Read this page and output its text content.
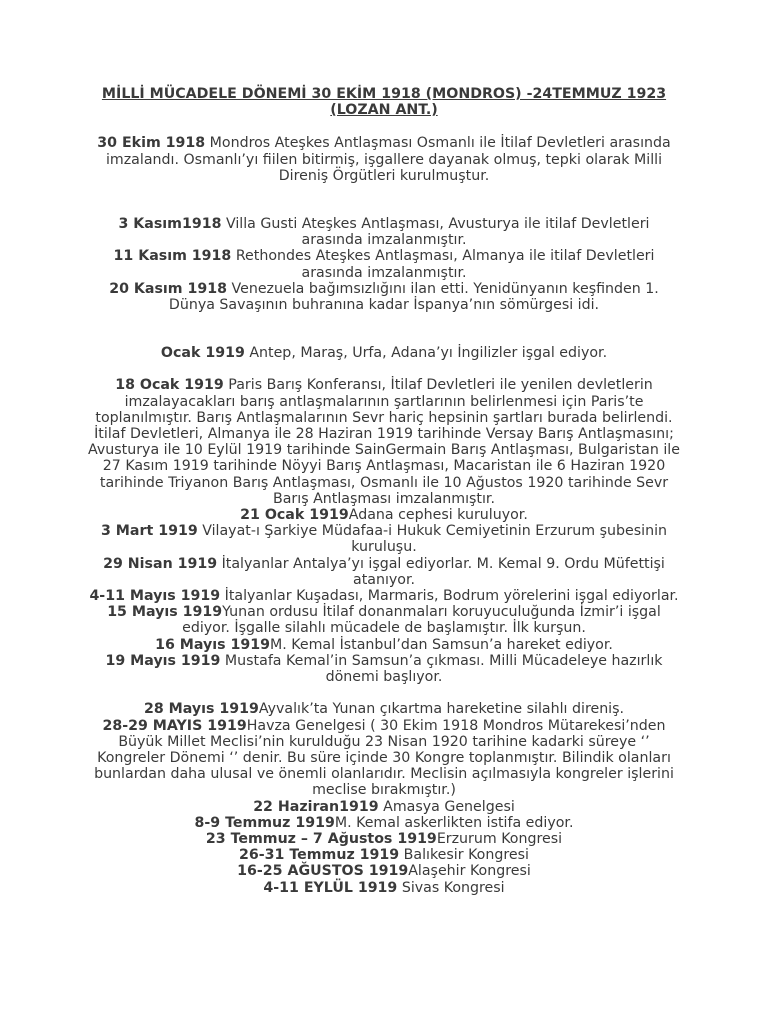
MİLLİ MÜCADELE DÖNEMİ 30 EKİM 1918 (MONDROS) -24TEMMUZ 1923 (LOZAN ANT.)

30 Ekim 1918 Mondros Ateşkes Antlaşması Osmanlı ile İtilaf Devletleri arasında imzalandı. Osmanlı’yı fiilen bitirmiş, işgallere dayanak olmuş, tepki olarak Milli Direniş Örgütleri kurulmuştur.

3 Kasım1918 Villa Gusti Ateşkes Antlaşması, Avusturya ile itilaf Devletleri arasında imzalanmıştır.

11 Kasım 1918 Rethondes Ateşkes Antlaşması, Almanya ile itilaf Devletleri arasında imzalanmıştır.

20 Kasım 1918 Venezuela bağımsızlığını ilan etti. Yenidünyanın keşfinden 1. Dünya Savaşının buhranına kadar İspanya’nın sömürgesi idi.

Ocak 1919 Antep, Maraş, Urfa, Adana’yı İngilizler işgal ediyor.

18 Ocak 1919 Paris Barış Konferansı, İtilaf Devletleri ile yenilen devletlerin imzalayacakları barış antlaşmalarının şartlarının belirlenmesi için Paris’te toplanılmıştır. Barış Antlaşmalarının Sevr hariç hepsinin şartları burada belirlendi. İtilaf Devletleri, Almanya ile 28 Haziran 1919 tarihinde Versay Barış Antlaşmasını; Avusturya ile 10 Eylül 1919 tarihinde SainGermain Barış Antlaşması, Bulgaristan ile 27 Kasım 1919 tarihinde Nöyyi Barış Antlaşması, Macaristan ile 6 Haziran 1920 tarihinde Triyanon Barış Antlaşması, Osmanlı ile 10 Ağustos 1920 tarihinde Sevr Barış Antlaşması imzalanmıştır.

21 Ocak 1919Adana cephesi kuruluyor.

3 Mart 1919 Vilayat-ı Şarkiye Müdafaa-i Hukuk Cemiyetinin Erzurum şubesinin kuruluşu.

29 Nisan 1919 İtalyanlar Antalya’yı işgal ediyorlar. M. Kemal 9. Ordu Müfettişi atanıyor.

4-11 Mayıs 1919 İtalyanlar Kuşadası, Marmaris, Bodrum yörelerini işgal ediyorlar.

15 Mayıs 1919Yunan ordusu İtilaf donanmaları koruyuculuğunda İzmir’i işgal ediyor. İşgalle silahlı mücadele de başlamıştır. İlk kurşun.

16 Mayıs 1919M. Kemal İstanbul’dan Samsun’a hareket ediyor.

19 Mayıs 1919 Mustafa Kemal’in Samsun’a çıkması. Milli Mücadeleye hazırlık dönemi başlıyor.

28 Mayıs 1919Ayvalık’ta Yunan çıkartma hareketine silahlı direniş.

28-29 MAYIS 1919Havza Genelgesi ( 30 Ekim 1918 Mondros Mütarekesi’nden Büyük Millet Meclisi’nin kurulduğu 23 Nisan 1920 tarihine kadarki süreye ‘’ Kongreler Dönemi ‘’ denir. Bu süre içinde 30 Kongre toplanmıştır. Bilindik olanları bunlardan daha ulusal ve önemli olanlarıdır. Meclisin açılmasıyla kongreler işlerini meclise bırakmıştır.)

22 Haziran1919 Amasya Genelgesi

8-9 Temmuz 1919M. Kemal askerlikten istifa ediyor.

23 Temmuz – 7 Ağustos 1919Erzurum Kongresi

26-31 Temmuz 1919 Balıkesir Kongresi

16-25 AĞUSTOS 1919Alaşehir Kongresi

4-11 EYLÜL 1919 Sivas Kongresi
